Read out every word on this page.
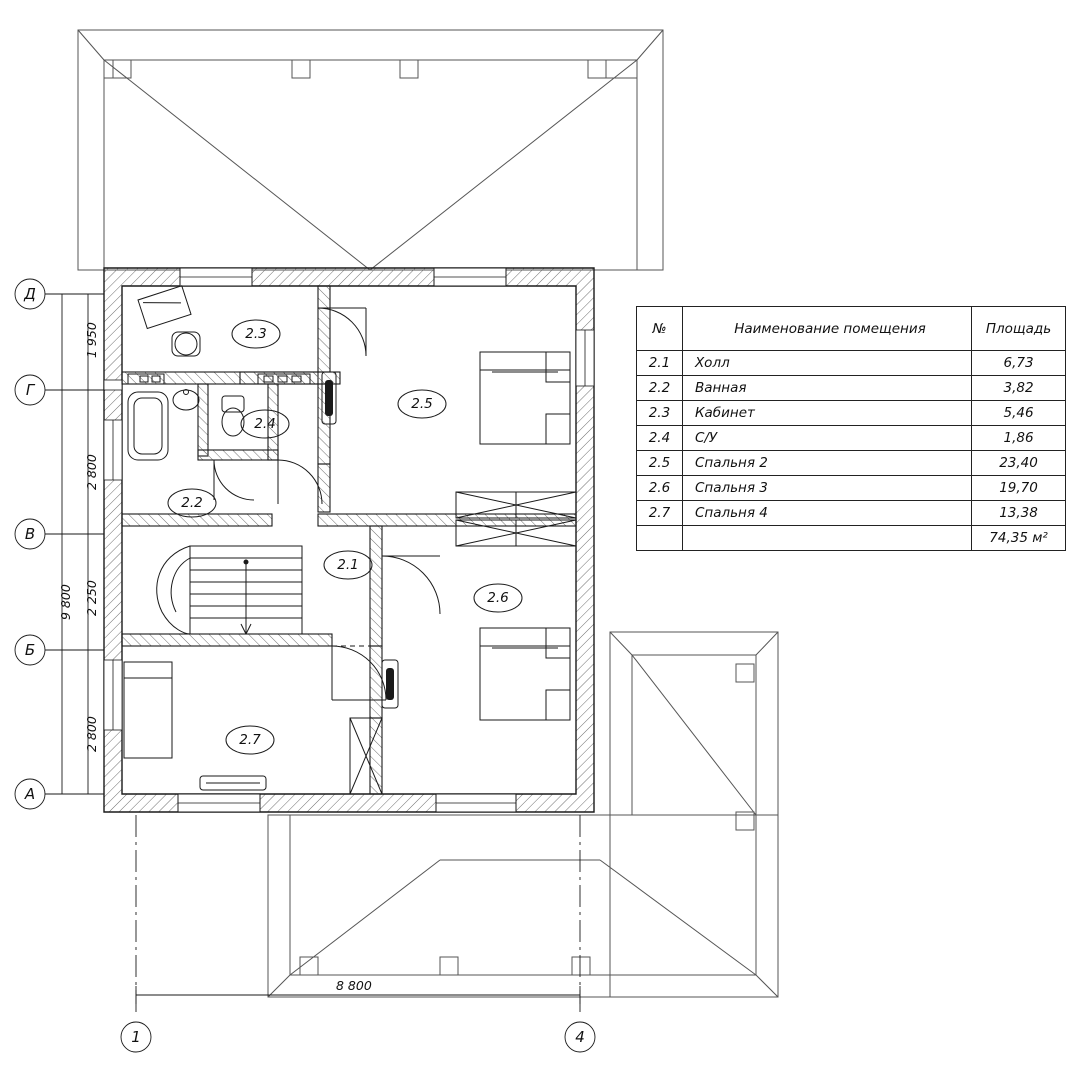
Д
Г
В
Б
А
1	4
1 950
2 800
2 250
2 800
9 800
8 800
2.3
2.5
2.4
2.2
2.1
2.6
2.7
№	Наименование помещения	Площадь
2.1	Холл	6,73
2.2	Ванная	3,82
2.3	Кабинет	5,46
2.4	С/У	1,86
2.5	Спальня 2	23,40
2.6	Спальня 3	19,70
2.7	Спальня 4	13,38
		74,35 м²
